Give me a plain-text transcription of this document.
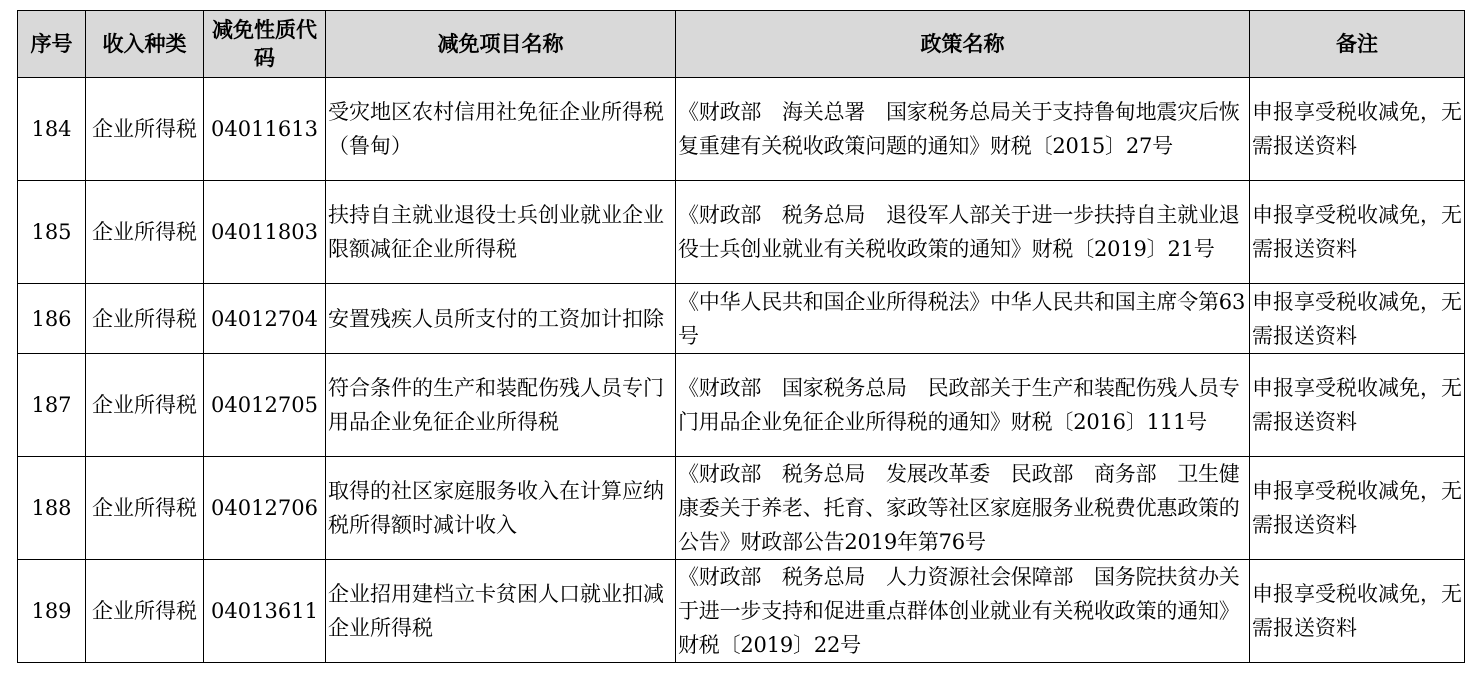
序号	收入种类	减免性质代码	减免项目名称	政策名称	备注
184	企业所得税	04011613	受灾地区农村信用社免征企业所得税（鲁甸）	《财政部　海关总署　国家税务总局关于支持鲁甸地震灾后恢复重建有关税收政策问题的通知》财税〔2015〕27号	申报享受税收减免，无需报送资料
185	企业所得税	04011803	扶持自主就业退役士兵创业就业企业限额减征企业所得税	《财政部　税务总局　退役军人部关于进一步扶持自主就业退役士兵创业就业有关税收政策的通知》财税〔2019〕21号	申报享受税收减免，无需报送资料
186	企业所得税	04012704	安置残疾人员所支付的工资加计扣除	《中华人民共和国企业所得税法》中华人民共和国主席令第63号	申报享受税收减免，无需报送资料
187	企业所得税	04012705	符合条件的生产和装配伤残人员专门用品企业免征企业所得税	《财政部　国家税务总局　民政部关于生产和装配伤残人员专门用品企业免征企业所得税的通知》财税〔2016〕111号	申报享受税收减免，无需报送资料
188	企业所得税	04012706	取得的社区家庭服务收入在计算应纳税所得额时减计收入	《财政部　税务总局　发展改革委　民政部　商务部　卫生健康委关于养老、托育、家政等社区家庭服务业税费优惠政策的公告》财政部公告2019年第76号	申报享受税收减免，无需报送资料
189	企业所得税	04013611	企业招用建档立卡贫困人口就业扣减企业所得税	《财政部　税务总局　人力资源社会保障部　国务院扶贫办关于进一步支持和促进重点群体创业就业有关税收政策的通知》财税〔2019〕22号	申报享受税收减免，无需报送资料
